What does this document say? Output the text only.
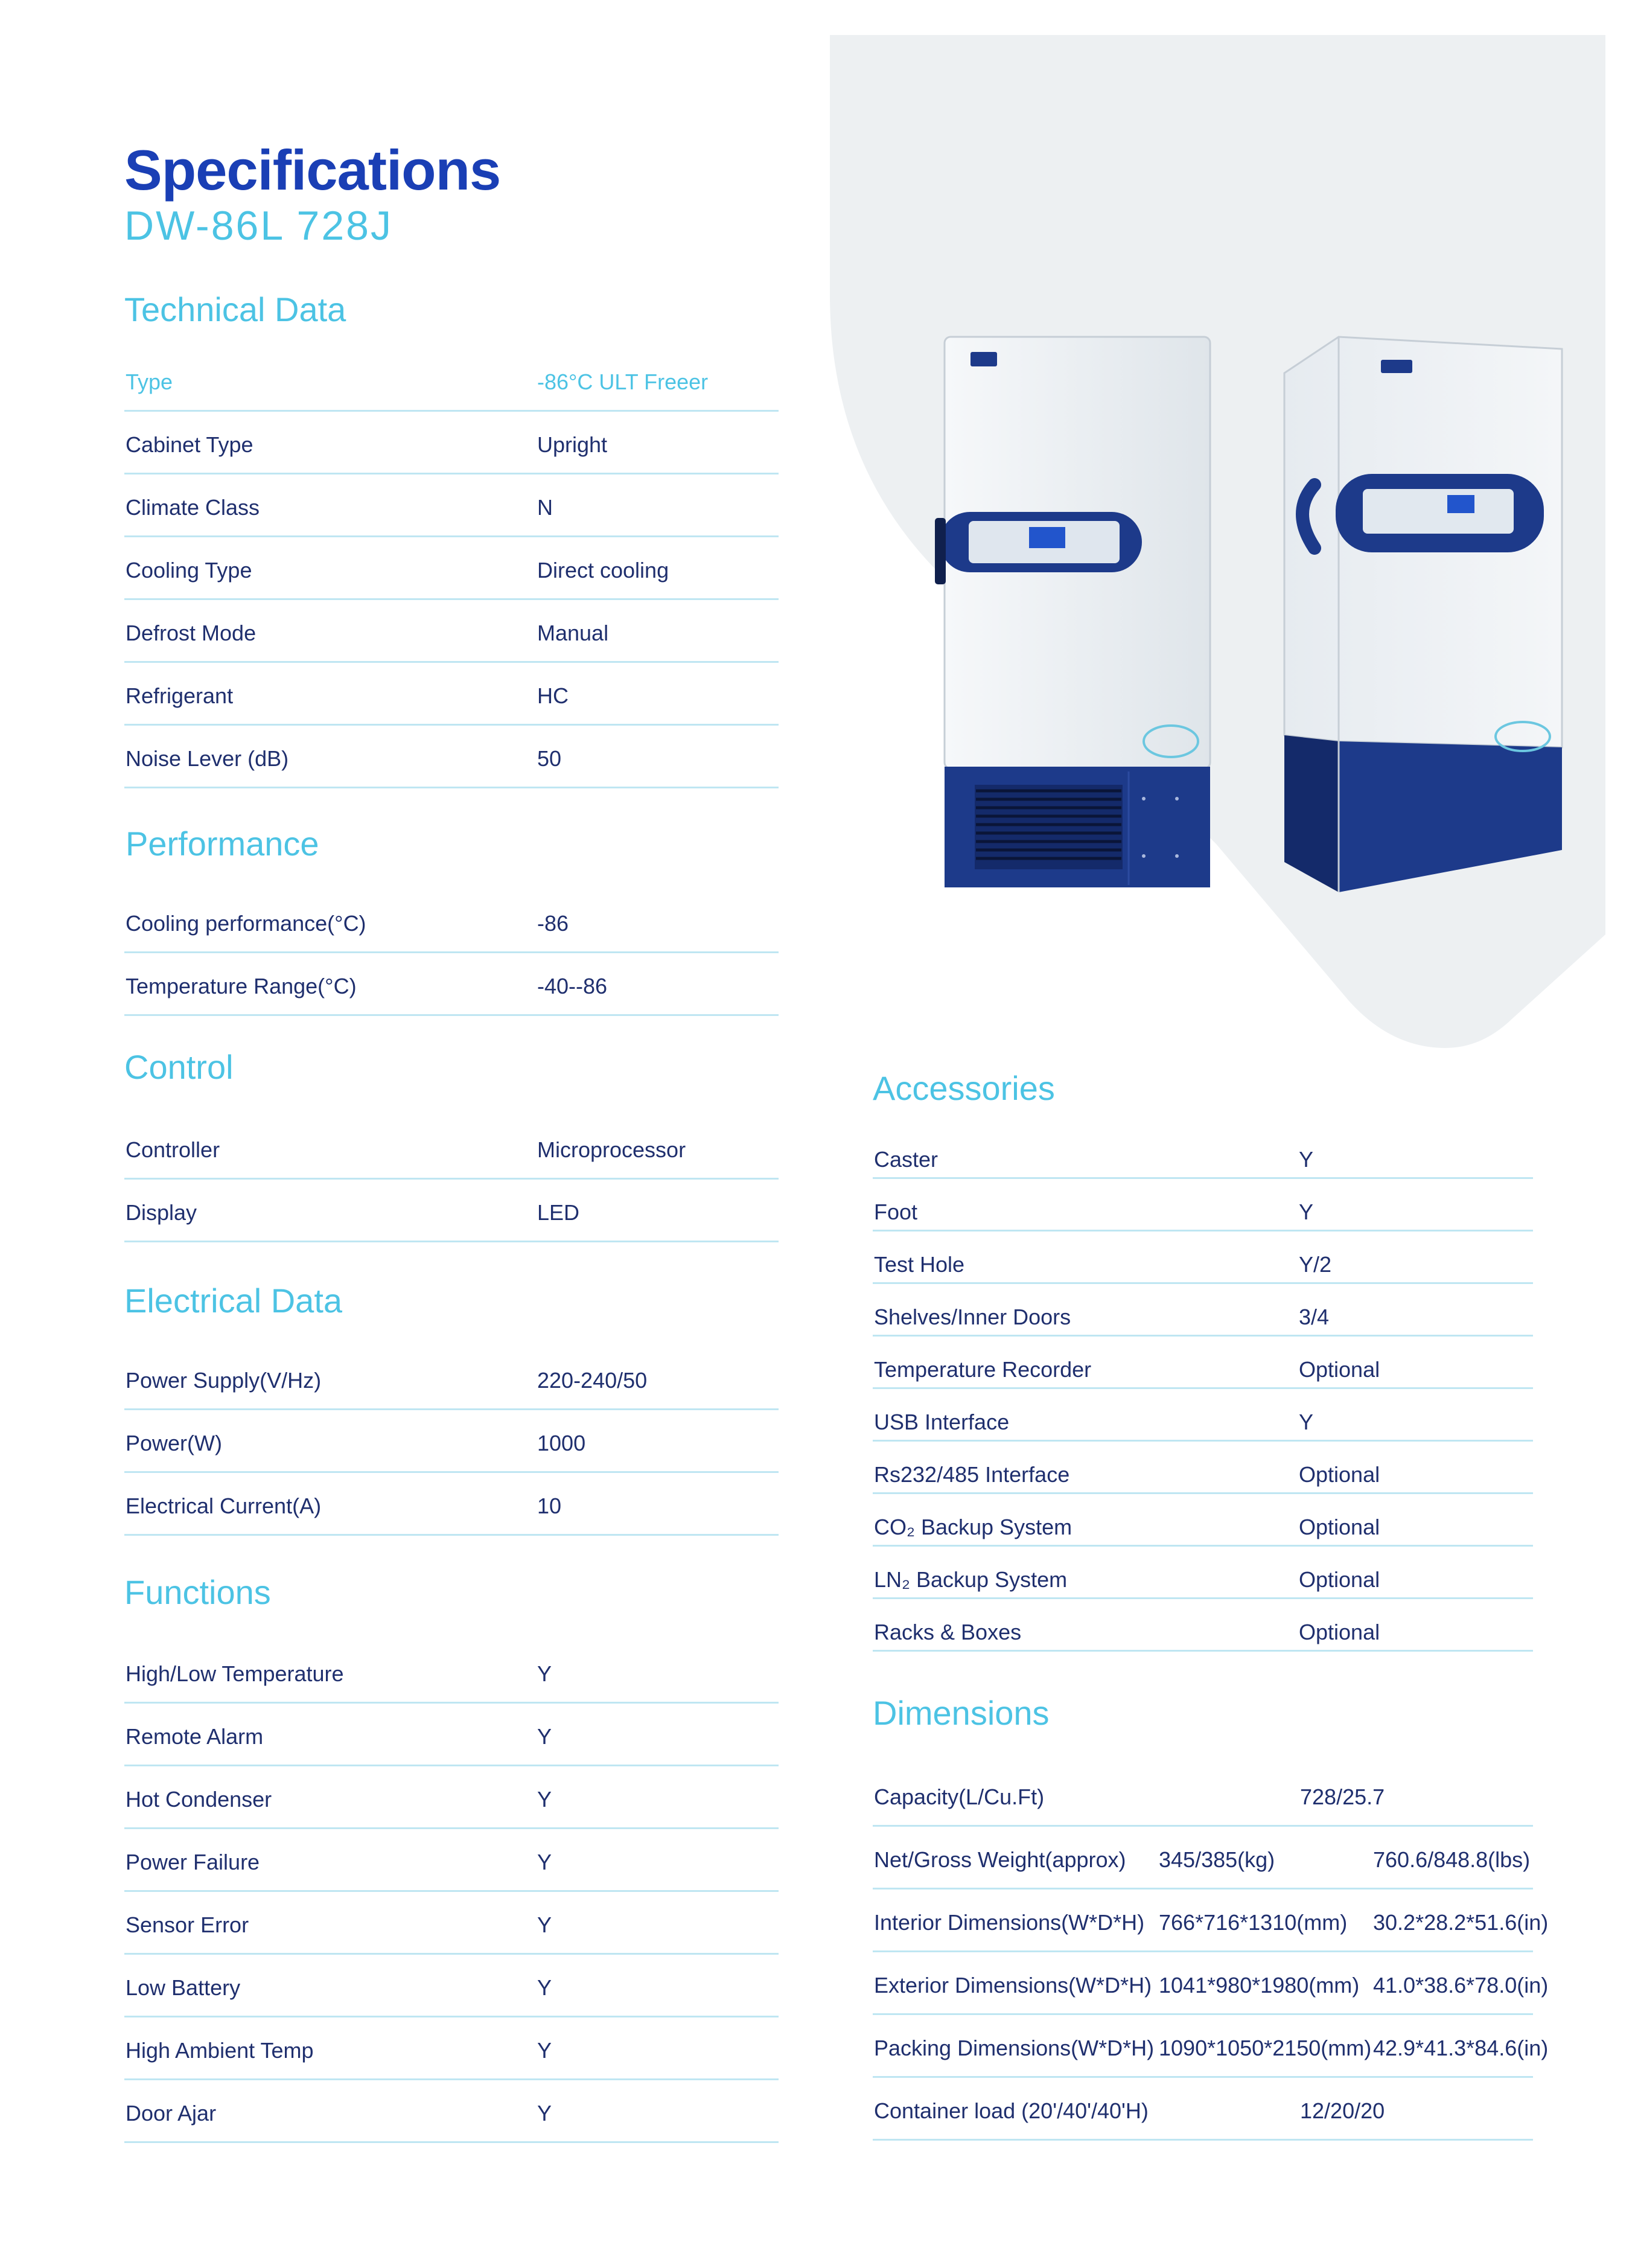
Specifications

DW-86L 728J

Technical Data
Type	-86°C ULT Freeer
Cabinet Type	Upright
Climate Class	N
Cooling Type	Direct cooling
Defrost Mode	Manual
Refrigerant	HC
Noise Lever (dB)	50
Performance
Cooling performance(°C)	-86
Temperature Range(°C)	-40--86
Control
Controller	Microprocessor
Display	LED
Electrical Data
Power Supply(V/Hz)	220-240/50
Power(W)	1000
Electrical Current(A)	10
Functions
High/Low Temperature	Y
Remote Alarm	Y
Hot Condenser	Y
Power Failure	Y
Sensor Error	Y
Low Battery	Y
High Ambient Temp	Y
Door Ajar	Y
Accessories
Caster	Y
Foot	Y
Test Hole	Y/2
Shelves/Inner Doors	3/4
Temperature Recorder	Optional
USB Interface	Y
Rs232/485 Interface	Optional
CO₂ Backup System	Optional
LN₂ Backup System	Optional
Racks & Boxes	Optional
Dimensions
Capacity(L/Cu.Ft)	728/25.7
Net/Gross Weight(approx) 345/385(kg)	760.6/848.8(lbs)
Interior Dimensions(W*D*H) 766*716*1310(mm) 30.2*28.2*51.6(in)
Exterior Dimensions(W*D*H) 1041*980*1980(mm) 41.0*38.6*78.0(in)
Packing Dimensions(W*D*H) 1090*1050*2150(mm) 42.9*41.3*84.6(in)
Container load (20'/40'/40'H)	12/20/20
